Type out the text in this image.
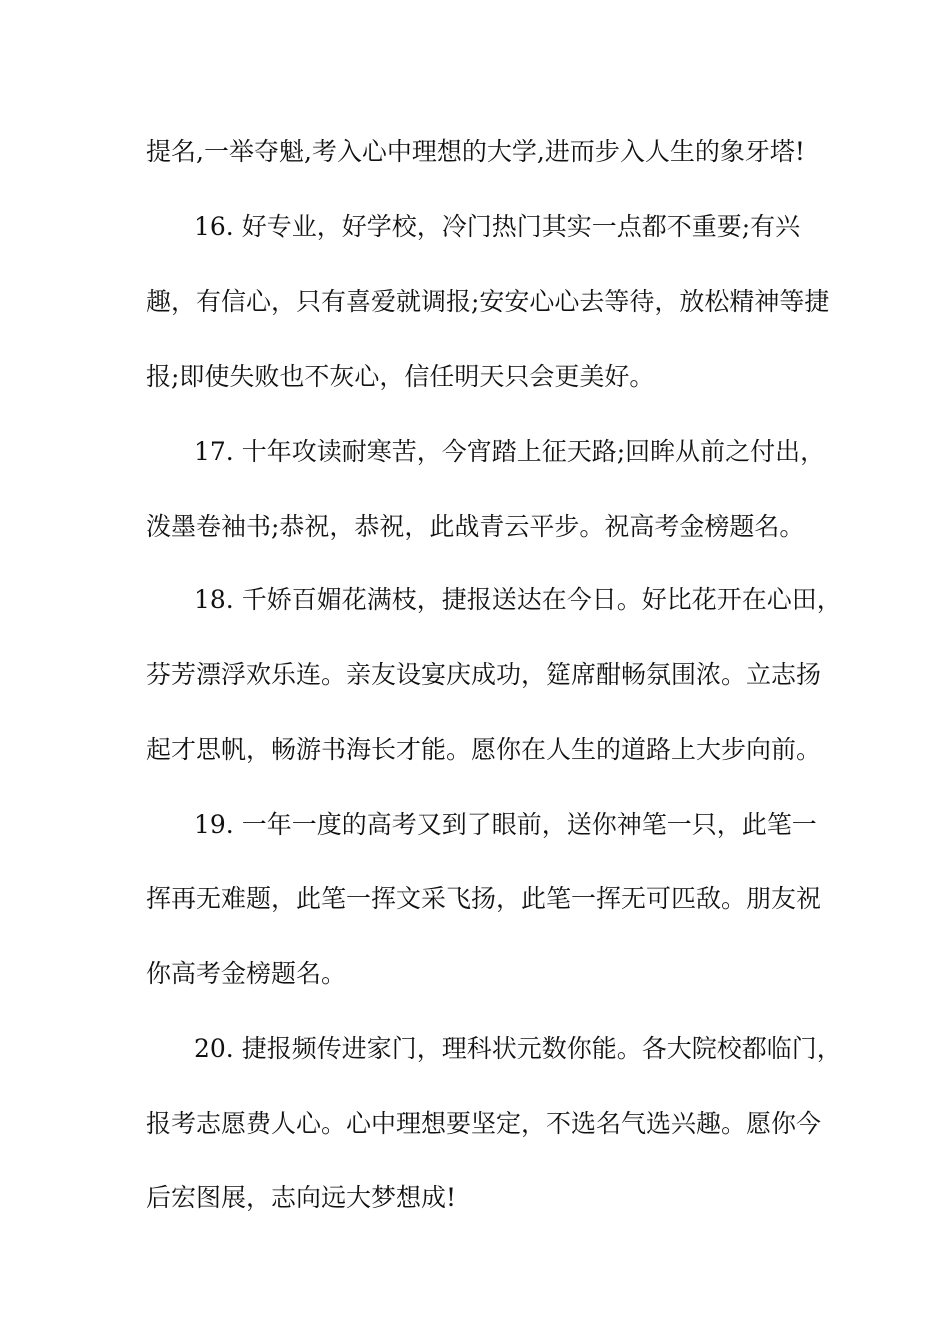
提名,一举夺魁,考入心中理想的大学,进而步入人生的象牙塔!
16. 好专业，好学校，冷门热门其实一点都不重要;有兴
趣，有信心，只有喜爱就调报;安安心心去等待，放松精神等捷
报;即使失败也不灰心，信任明天只会更美好。
17. 十年攻读耐寒苦，今宵踏上征天路;回眸从前之付出，
泼墨卷袖书;恭祝，恭祝，此战青云平步。祝高考金榜题名。
18. 千娇百媚花满枝，捷报送达在今日。好比花开在心田，
芬芳漂浮欢乐连。亲友设宴庆成功，筵席酣畅氛围浓。立志扬
起才思帆，畅游书海长才能。愿你在人生的道路上大步向前。
19. 一年一度的高考又到了眼前，送你神笔一只，此笔一
挥再无难题，此笔一挥文采飞扬，此笔一挥无可匹敌。朋友祝
你高考金榜题名。
20. 捷报频传进家门，理科状元数你能。各大院校都临门，
报考志愿费人心。心中理想要坚定，不选名气选兴趣。愿你今
后宏图展，志向远大梦想成!
